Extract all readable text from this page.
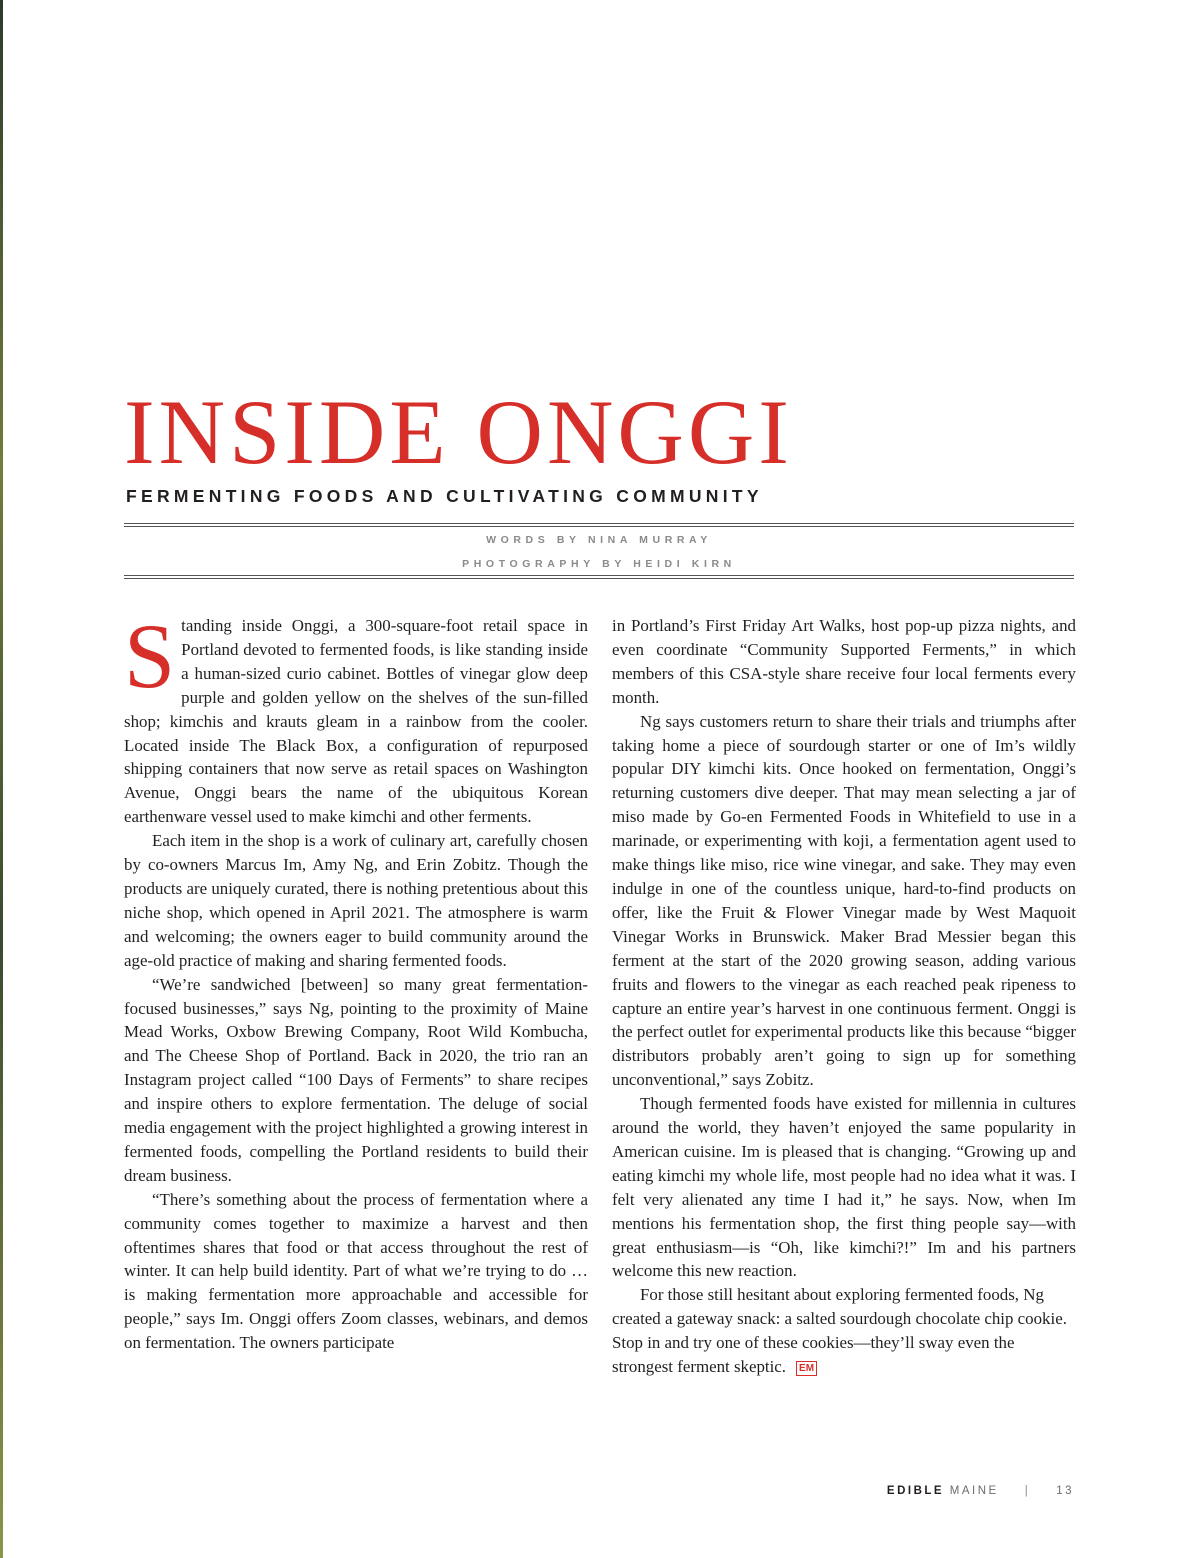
INSIDE ONGGI
FERMENTING FOODS AND CULTIVATING COMMUNITY
WORDS BY NINA MURRAY
PHOTOGRAPHY BY HEIDI KIRN

Standing inside Onggi, a 300-square-foot retail space in Portland devoted to fermented foods, is like standing inside a human-sized curio cabinet. Bottles of vinegar glow deep purple and golden yellow on the shelves of the sun-filled shop; kimchis and krauts gleam in a rainbow from the cooler. Located inside The Black Box, a configuration of repurposed shipping containers that now serve as retail spaces on Washington Avenue, Onggi bears the name of the ubiquitous Korean earthenware vessel used to make kimchi and other ferments.

Each item in the shop is a work of culinary art, carefully chosen by co-owners Marcus Im, Amy Ng, and Erin Zobitz. Though the products are uniquely curated, there is nothing pretentious about this niche shop, which opened in April 2021. The atmosphere is warm and welcoming; the owners eager to build community around the age-old practice of making and sharing fermented foods.

“We’re sandwiched [between] so many great fermentation-focused businesses,” says Ng, pointing to the proximity of Maine Mead Works, Oxbow Brewing Company, Root Wild Kombucha, and The Cheese Shop of Portland. Back in 2020, the trio ran an Instagram project called “100 Days of Ferments” to share recipes and inspire others to explore fermentation. The deluge of social media engagement with the project highlighted a growing interest in fermented foods, compelling the Portland residents to build their dream business.

“There’s something about the process of fermentation where a community comes together to maximize a harvest and then oftentimes shares that food or that access throughout the rest of winter. It can help build identity. Part of what we’re trying to do … is making fermentation more approachable and accessible for people,” says Im. Onggi offers Zoom classes, webinars, and demos on fermentation. The owners participate

in Portland’s First Friday Art Walks, host pop-up pizza nights, and even coordinate “Community Supported Ferments,” in which members of this CSA-style share receive four local ferments every month.

Ng says customers return to share their trials and triumphs after taking home a piece of sourdough starter or one of Im’s wildly popular DIY kimchi kits. Once hooked on fermentation, Onggi’s returning customers dive deeper. That may mean selecting a jar of miso made by Go-en Fermented Foods in Whitefield to use in a marinade, or experimenting with koji, a fermentation agent used to make things like miso, rice wine vinegar, and sake. They may even indulge in one of the countless unique, hard-to-find products on offer, like the Fruit & Flower Vinegar made by West Maquoit Vinegar Works in Brunswick. Maker Brad Messier began this ferment at the start of the 2020 growing season, adding various fruits and flowers to the vinegar as each reached peak ripeness to capture an entire year’s harvest in one continuous ferment. Onggi is the perfect outlet for experimental products like this because “bigger distributors probably aren’t going to sign up for something unconventional,” says Zobitz.

Though fermented foods have existed for millennia in cultures around the world, they haven’t enjoyed the same popularity in American cuisine. Im is pleased that is changing. “Growing up and eating kimchi my whole life, most people had no idea what it was. I felt very alienated any time I had it,” he says. Now, when Im mentions his fermentation shop, the first thing people say—with great enthusiasm—is “Oh, like kimchi?!” Im and his partners welcome this new reaction.

For those still hesitant about exploring fermented foods, Ng created a gateway snack: a salted sourdough chocolate chip cookie. Stop in and try one of these cookies—they’ll sway even the strongest ferment skeptic. EM

EDIBLE MAINE | 13
